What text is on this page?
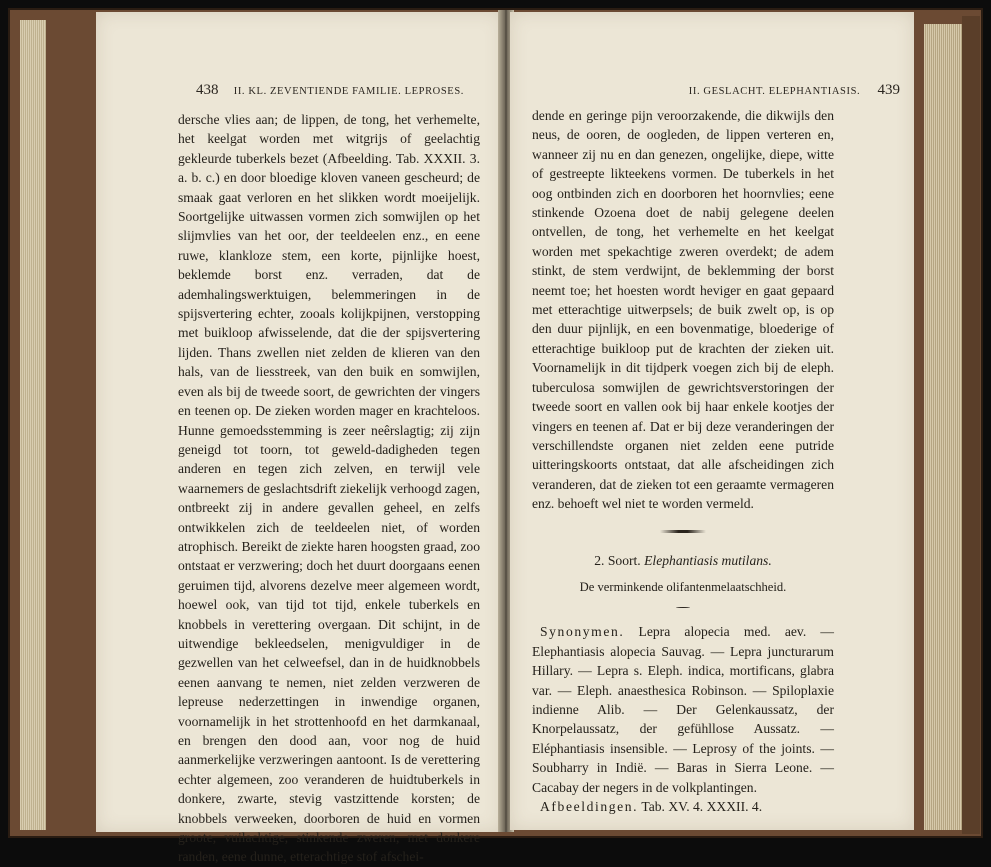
438 II. KL. ZEVENTIENDE FAMILIE. LEPROSES.

dersche vlies aan; de lippen, de tong, het verhemelte, het keelgat worden met witgrijs of geelachtig gekleurde tuberkels bezet (Afbeelding. Tab. XXXII. 3. a. b. c.) en door bloedige kloven vaneen gescheurd; de smaak gaat verloren en het slikken wordt moeijelijk. Soortgelijke uitwassen vormen zich somwijlen op het slijmvlies van het oor, der teeldeelen enz., en eene ruwe, klankloze stem, een korte, pijnlijke hoest, beklemde borst enz. verraden, dat de ademhalingswerktuigen, belemmeringen in de spijsvertering echter, zooals kolijkpijnen, verstopping met buikloop afwisselende, dat die der spijsvertering lijden. Thans zwellen niet zelden de klieren van den hals, van de liesstreek, van den buik en somwijlen, even als bij de tweede soort, de gewrichten der vingers en teenen op. De zieken worden mager en krachteloos. Hunne gemoedsstemming is zeer neêrslagtig; zij zijn geneigd tot toorn, tot geweld-dadigheden tegen anderen en tegen zich zelven, en terwijl vele waarnemers de geslachtsdrift ziekelijk verhoogd zagen, ontbreekt zij in andere gevallen geheel, en zelfs ontwikkelen zich de teeldeelen niet, of worden atrophisch. Bereikt de ziekte haren hoogsten graad, zoo ontstaat er verzwering; doch het duurt doorgaans eenen geruimen tijd, alvorens dezelve meer algemeen wordt, hoewel ook, van tijd tot tijd, enkele tuberkels en knobbels in verettering overgaan. Dit schijnt, in de uitwendige bekleedselen, menigvuldiger in de gezwellen van het celweefsel, dan in de huidknobbels eenen aanvang te nemen, niet zelden verzweren de lepreuse nederzettingen in inwendige organen, voornamelijk in het strottenhoofd en het darmkanaal, en brengen den dood aan, voor nog de huid aanmerkelijke verzweringen aantoont. Is de verettering echter algemeen, zoo veranderen de huidtuberkels in donkere, zwarte, stevig vastzittende korsten; de knobbels verweeken, doorboren de huid en vormen groote, vuilachtige, stinkende zweren, met donkere randen, eene dunne, etterachtige stof afschei-

II. GESLACHT. ELEPHANTIASIS. 439

dende en geringe pijn veroorzakende, die dikwijls den neus, de ooren, de oogleden, de lippen verteren en, wanneer zij nu en dan genezen, ongelijke, diepe, witte of gestreepte likteekens vormen. De tuberkels in het oog ontbinden zich en doorboren het hoornvlies; eene stinkende Ozoena doet de nabij gelegene deelen ontvellen, de tong, het verhemelte en het keelgat worden met spekachtige zweren overdekt; de adem stinkt, de stem verdwijnt, de beklemming der borst neemt toe; het hoesten wordt heviger en gaat gepaard met etterachtige uitwerpsels; de buik zwelt op, is op den duur pijnlijk, en een bovenmatige, bloederige of etterachtige buikloop put de krachten der zieken uit. Voornamelijk in dit tijdperk voegen zich bij de eleph. tuberculosa somwijlen de gewrichtsverstoringen der tweede soort en vallen ook bij haar enkele kootjes der vingers en teenen af. Dat er bij deze veranderingen der verschillendste organen niet zelden eene putride uitteringskoorts ontstaat, dat alle afscheidingen zich veranderen, dat de zieken tot een geraamte vermageren enz. behoeft wel niet te worden vermeld.

2. Soort. Elephantiasis mutilans.

De verminkende olifantenmelaatschheid.

Synonymen. Lepra alopecia med. aev. — Elephantiasis alopecia Sauvag. — Lepra juncturarum Hillary. — Lepra s. Eleph. indica, mortificans, glabra var. — Eleph. anaesthesica Robinson. — Spiloplaxie indienne Alib. — Der Gelenkaussatz, der Knorpelaussatz, der gefühllose Aussatz. — Eléphantiasis insensible. — Leprosy of the joints. — Soubharry in Indië. — Baras in Sierra Leone. — Cacabay der negers in de volkplantingen.

Afbeeldingen. Tab. XV. 4. XXXII. 4.
